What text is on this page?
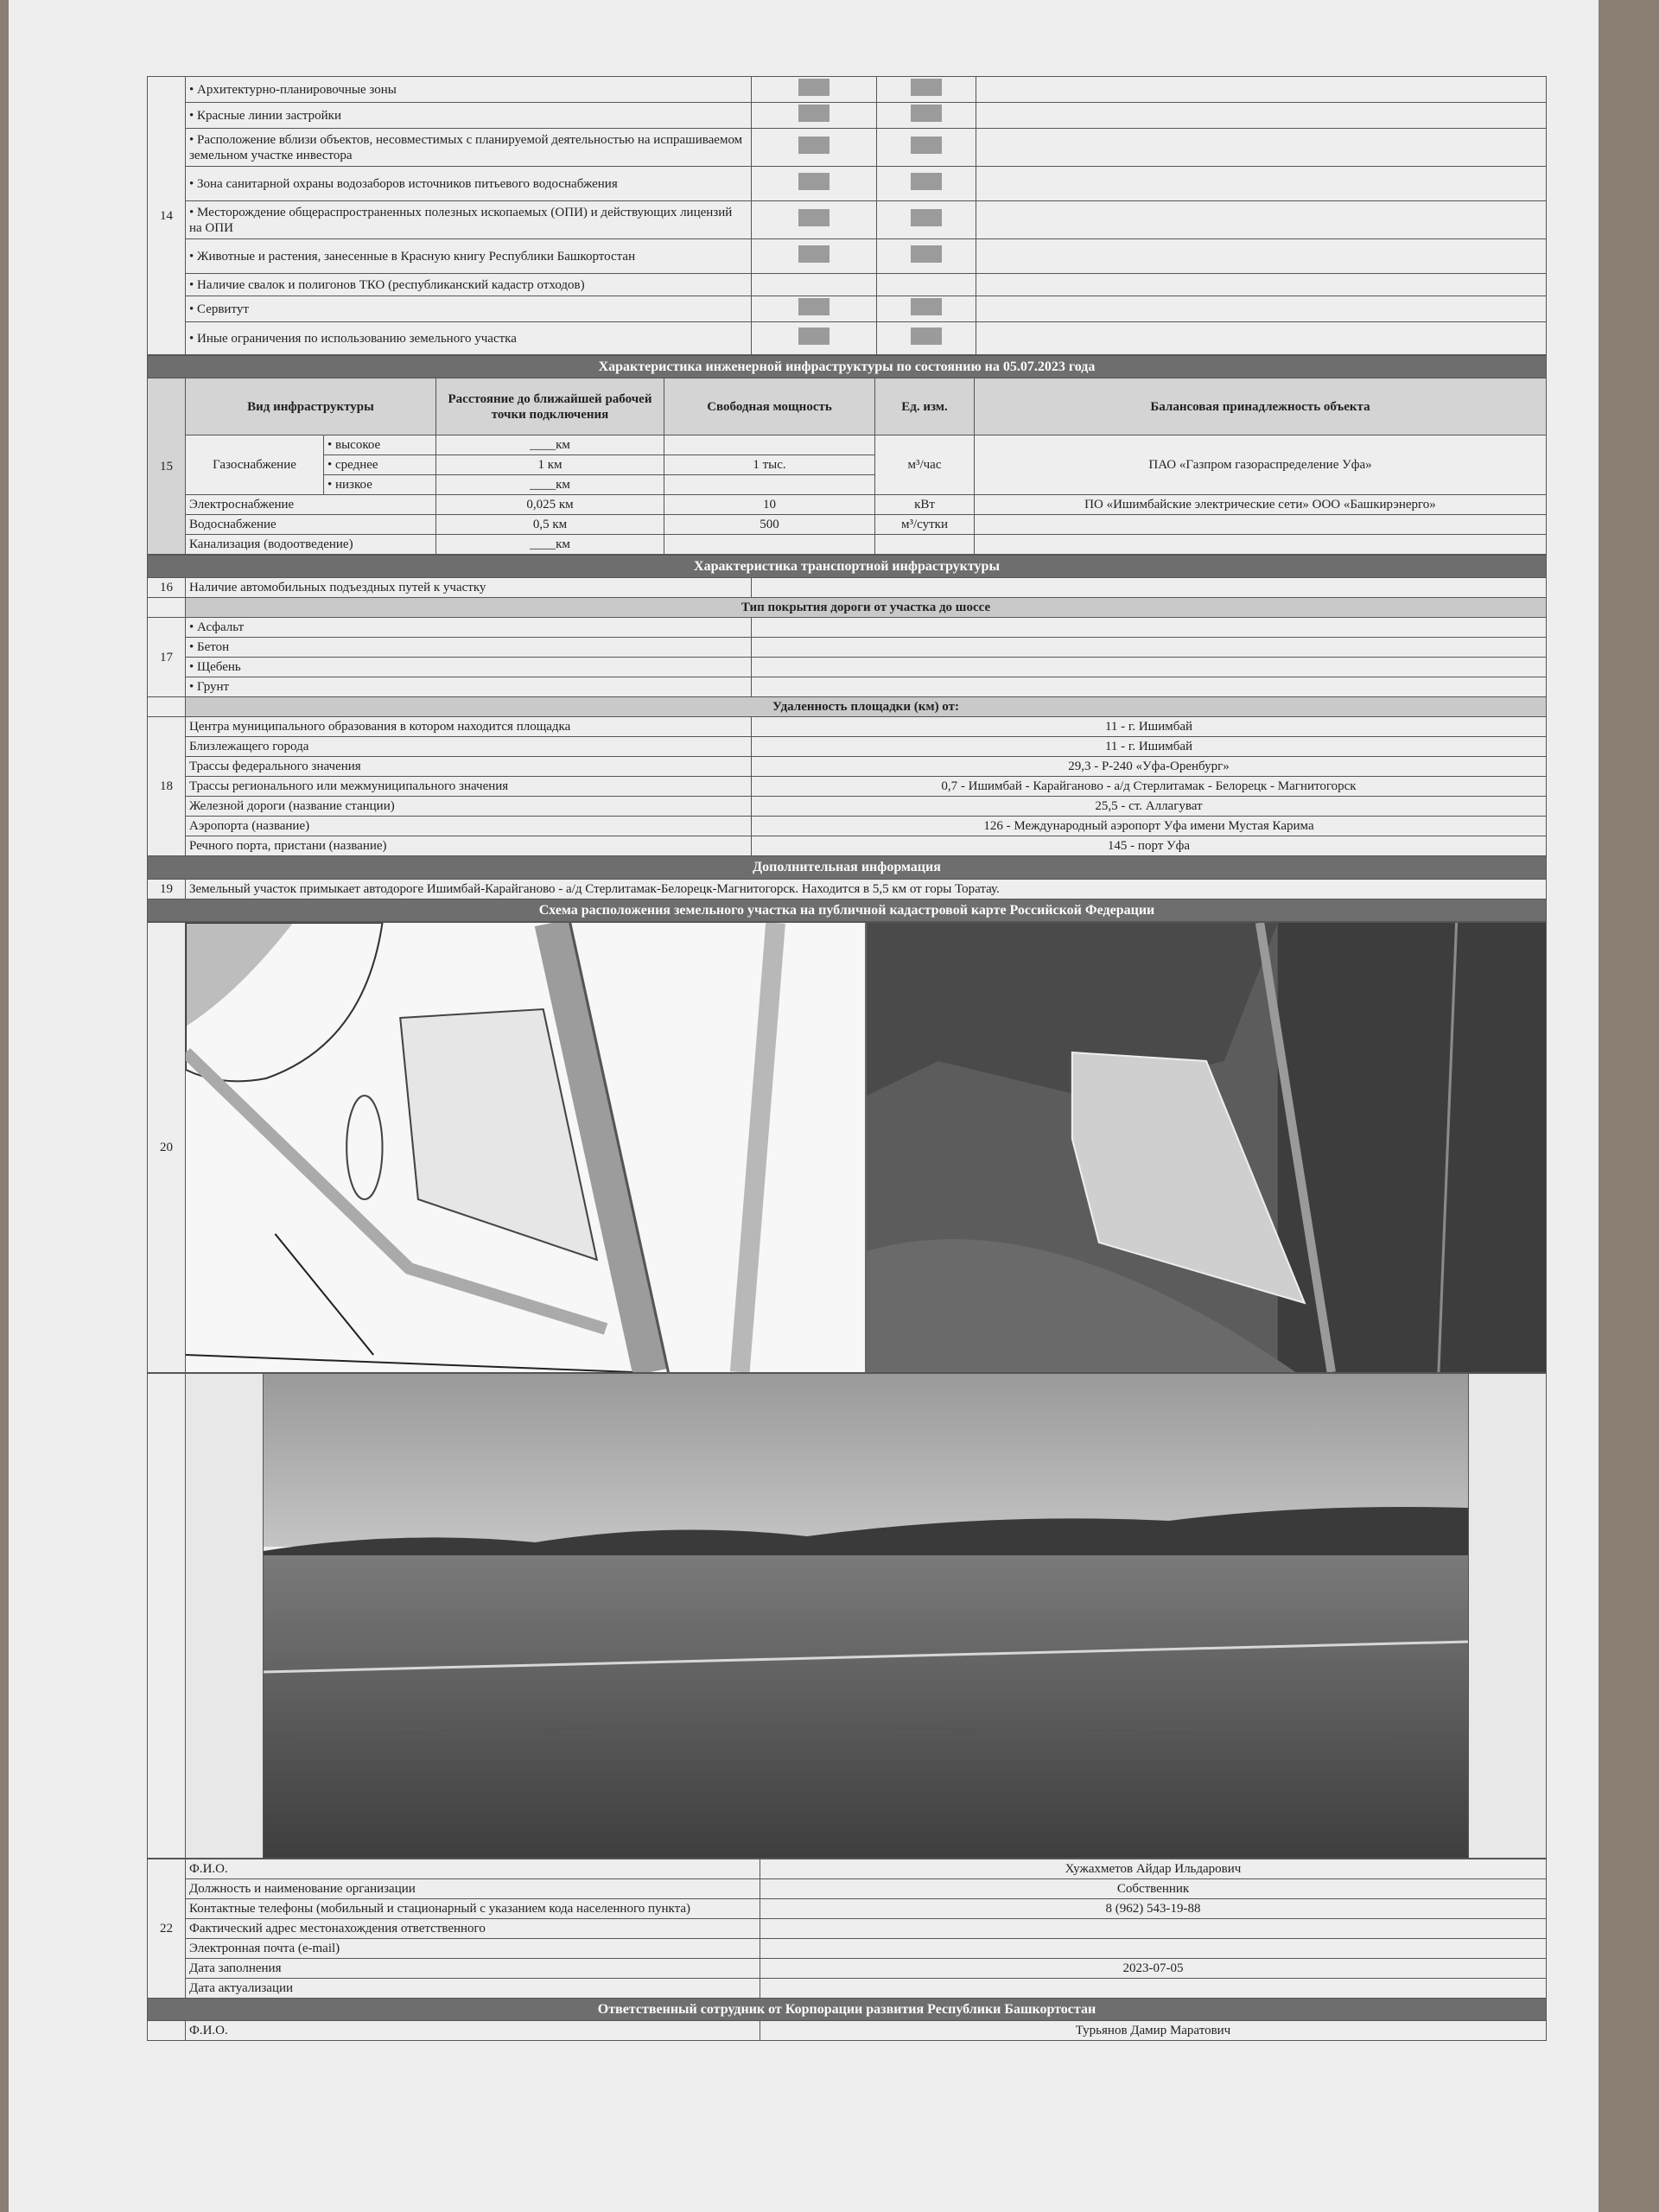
14	• Архитектурно-планировочные зоны			
	• Красные линии застройки			
	• Расположение вблизи объектов, несовместимых с планируемой деятельностью на испрашиваемом земельном участке инвестора			
	• Зона санитарной охраны водозаборов источников питьевого водоснабжения			
	• Месторождение общераспространенных полезных ископаемых (ОПИ) и действующих лицензий на ОПИ			
	• Животные и растения, занесенные в Красную книгу Республики Башкортостан			
	• Наличие свалок и полигонов ТКО (республиканский кадастр отходов)			
	• Сервитут			
	• Иные ограничения по использованию земельного участка			
Характеристика инженерной инфраструктуры по состоянию на 05.07.2023 года						
15	Вид инфраструктуры		Расстояние до ближайшей рабочей точки подключения	Свободная мощность	Ед. изм.	Балансовая принадлежность объекта
	Газоснабжение	• высокое	____км		м³/час	ПАО «Газпром газораспределение Уфа»
		• среднее	1 км	1 тыс.		
		• низкое	____км			
	Электроснабжение		0,025 км	10	кВт	ПО «Ишимбайские электрические сети» ООО «Башкирэнерго»
	Водоснабжение		0,5 км	500	м³/сутки	
	Канализация (водоотведение)		____км			
Характеристика транспортной инфраструктуры		
16	Наличие автомобильных подъездных путей к участку	
	Тип покрытия дороги от участка до шоссе	
17	• Асфальт	
	• Бетон	
	• Щебень	
	• Грунт	
	Удаленность площадки (км) от:	
18	Центра муниципального образования в котором находится площадка	11 - г. Ишимбай
	Близлежащего города	11 - г. Ишимбай
	Трассы федерального значения	29,3 - Р-240 «Уфа-Оренбург»
	Трассы регионального или межмуниципального значения	0,7 - Ишимбай - Карайганово - а/д Стерлитамак - Белорецк - Магнитогорск
	Железной дороги (название станции)	25,5 - ст. Аллагуват
	Аэропорта (название)	126 - Международный аэропорт Уфа имени Мустая Карима
	Речного порта, пристани (название)	145 - порт Уфа
Дополнительная информация		
19	Земельный участок примыкает автодороге Ишимбай-Карайганово - а/д Стерлитамак-Белорецк-Магнитогорск. Находится в 5,5 км от горы Торатау.	
Схема расположения земельного участка на публичной кадастровой карте Российской Федерации		
20	

22	Ф.И.О.	Хужахметов Айдар Ильдарович
	Должность и наименование организации	Собственник
	Контактные телефоны (мобильный и стационарный с указанием кода населенного пункта)	8 (962) 543-19-88
	Фактический адрес местонахождения ответственного	
	Электронная почта (e-mail)	
	Дата заполнения	2023-07-05
	Дата актуализации	
Ответственный сотрудник от Корпорации развития Республики Башкортостан		
	Ф.И.О.	Турьянов Дамир Маратович
